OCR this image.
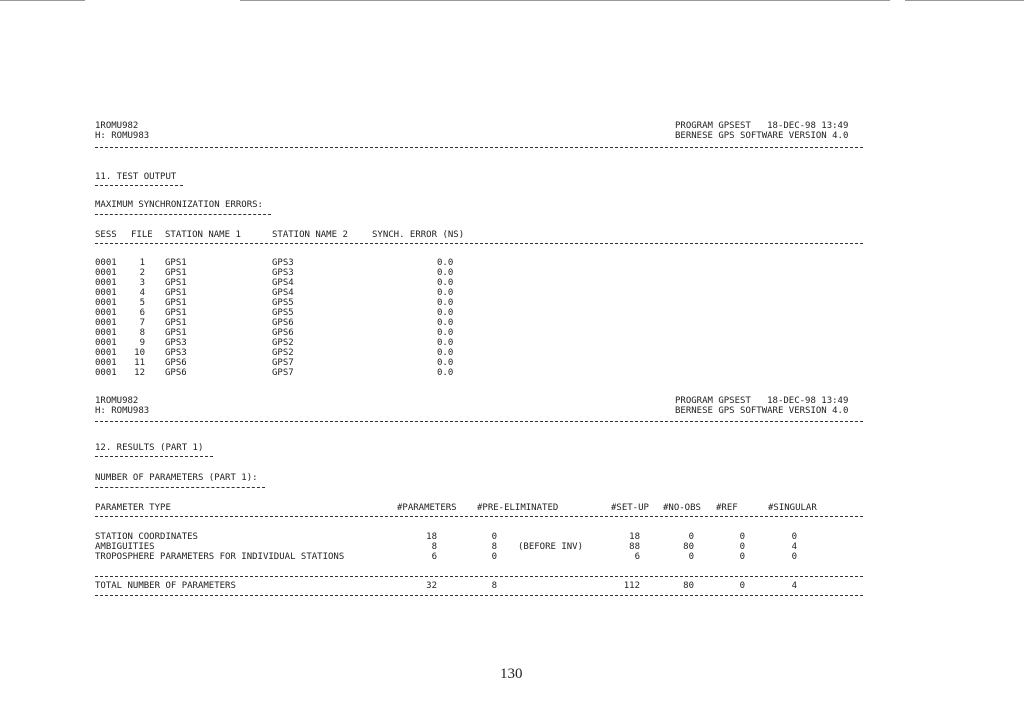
1ROMU982
H: ROMU983
PROGRAM GPSEST   18-DEC-98 13:49
BERNESE GPS SOFTWARE VERSION 4.0
11. TEST OUTPUT
MAXIMUM SYNCHRONIZATION ERRORS:
SESS FILE STATION NAME 1	STATION NAME 2	SYNCH. ERROR (NS)
0001	1 GPS1	GPS3	0.0
0001	2 GPS1	GPS3	0.0
0001	3 GPS1	GPS4	0.0
0001	4 GPS1	GPS4	0.0
0001	5 GPS1	GPS5	0.0
0001	6 GPS1	GPS5	0.0
0001	7 GPS1	GPS6	0.0
0001	8 GPS1	GPS6	0.0
0001	9 GPS3	GPS2	0.0
0001 10 GPS3	GPS2	0.0
0001 11 GPS6	GPS7	0.0
0001 12 GPS6	GPS7	0.0
1ROMU982
H: ROMU983
PROGRAM GPSEST   18-DEC-98 13:49
BERNESE GPS SOFTWARE VERSION 4.0
12. RESULTS (PART 1)
NUMBER OF PARAMETERS (PART 1):
PARAMETER TYPE	#PARAMETERS #PRE-ELIMINATED	#SET-UP #NO-OBS #REF	#SINGULAR
STATION COORDINATES	18	0	18	0	0	0
AMBIGUITIES	8	8 (BEFORE INV)	88	80	0	4
TROPOSPHERE PARAMETERS FOR INDIVIDUAL STATIONS	6	0	6	0	0	0
TOTAL NUMBER OF PARAMETERS	32	8	112	80	0	4
130
